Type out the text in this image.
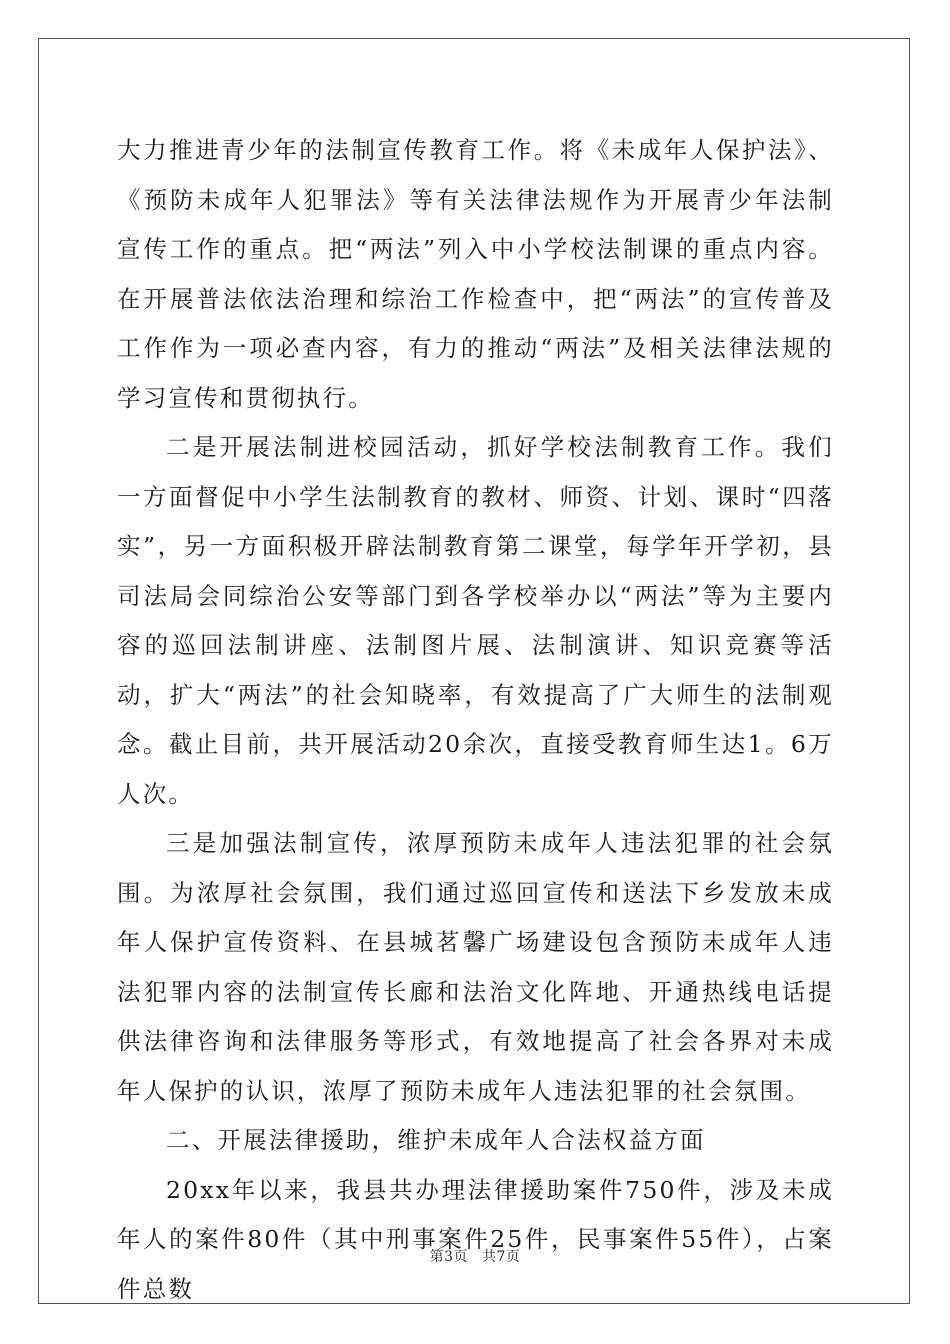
大力推进青少年的法制宣传教育工作。将《未成年人保护法》、《预防未成年人犯罪法》等有关法律法规作为开展青少年法制宣传工作的重点。把“两法”列入中小学校法制课的重点内容。在开展普法依法治理和综治工作检查中，把“两法”的宣传普及工作作为一项必查内容，有力的推动“两法”及相关法律法规的学习宣传和贯彻执行。

二是开展法制进校园活动，抓好学校法制教育工作。我们一方面督促中小学生法制教育的教材、师资、计划、课时“四落实”，另一方面积极开辟法制教育第二课堂，每学年开学初，县司法局会同综治公安等部门到各学校举办以“两法”等为主要内容的巡回法制讲座、法制图片展、法制演讲、知识竞赛等活动，扩大“两法”的社会知晓率，有效提高了广大师生的法制观念。截止目前，共开展活动20余次，直接受教育师生达1。6万人次。

三是加强法制宣传，浓厚预防未成年人违法犯罪的社会氛围。为浓厚社会氛围，我们通过巡回宣传和送法下乡发放未成年人保护宣传资料、在县城茗馨广场建设包含预防未成年人违法犯罪内容的法制宣传长廊和法治文化阵地、开通热线电话提供法律咨询和法律服务等形式，有效地提高了社会各界对未成年人保护的认识，浓厚了预防未成年人违法犯罪的社会氛围。

二、开展法律援助，维护未成年人合法权益方面

20xx年以来，我县共办理法律援助案件750件，涉及未成年人的案件80件（其中刑事案件25件，民事案件55件），占案件总数

第3页 共7页
